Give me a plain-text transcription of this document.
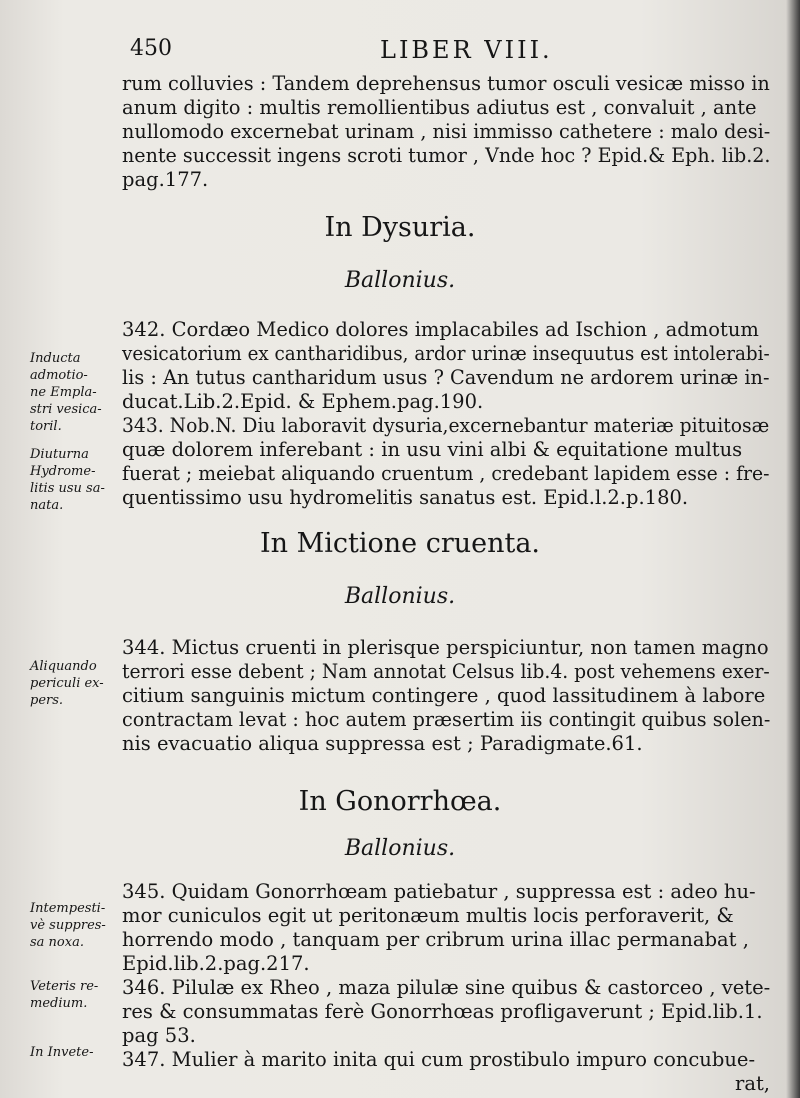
450	LIBER VIII.
rum colluvies : Tandem deprehensus tumor osculi vesicæ misso in
anum digito : multis remollientibus adiutus est , convaluit , ante
nullomodo excernebat urinam , nisi immisso cathetere : malo desi-
nente successit ingens scroti tumor , Vnde hoc ? Epid.& Eph. lib.2.
pag.177.
In Dysuria.
Ballonius.
342. Cordæo Medico dolores implacabiles ad Ischion , admotum
vesicatorium ex cantharidibus, ardor urinæ insequutus est intolerabi-
lis : An tutus cantharidum usus ? Cavendum ne ardorem urinæ in-
ducat.Lib.2.Epid. & Ephem.pag.190.
343. Nob.N. Diu laboravit dysuria,excernebantur materiæ pituitosæ
quæ dolorem inferebant : in usu vini albi & equitatione multus
fuerat ; meiebat aliquando cruentum , credebant lapidem esse : fre-
quentissimo usu hydromelitis sanatus est. Epid.l.2.p.180.
In Mictione cruenta.
Ballonius.
344. Mictus cruenti in plerisque perspiciuntur, non tamen magno
terrori esse debent ; Nam annotat Celsus lib.4. post vehemens exer-
citium sanguinis mictum contingere , quod lassitudinem à labore
contractam levat : hoc autem præsertim iis contingit quibus solen-
nis evacuatio aliqua suppressa est ; Paradigmate.61.
In Gonorrhœa.
Ballonius.
345. Quidam Gonorrhœam patiebatur , suppressa est : adeo hu-
mor cuniculos egit ut peritonæum multis locis perforaverit, &
horrendo modo , tanquam per cribrum urina illac permanabat ,
Epid.lib.2.pag.217.
346. Pilulæ ex Rheo , maza pilulæ sine quibus & castorceo , vete-
res & consummatas ferè Gonorrhœas profligaverunt ; Epid.lib.1.
pag 53.
347. Mulier à marito inita qui cum prostibulo impuro concubue-
rat,
Inducta
admotio-
ne Empla-
stri vesica-
toril.
Diuturna
Hydrome-
litis usu sa-
nata.
Aliquando
periculi ex-
pers.
Intempesti-
vè suppres-
sa noxa.
Veteris re-
medium.
In Invete-
